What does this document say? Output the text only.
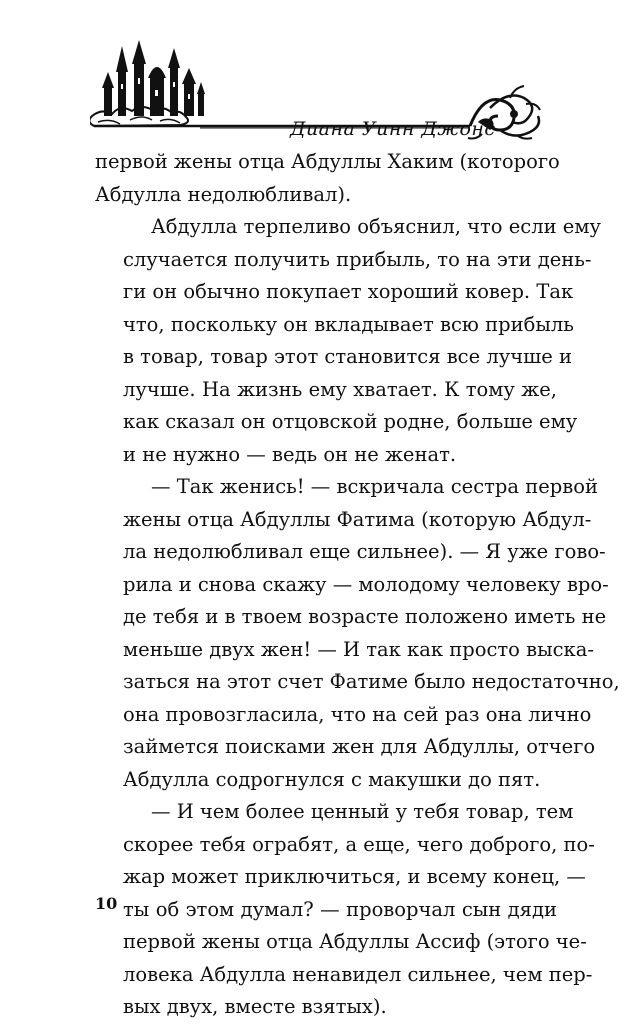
Диана Уинн Джонс

первой жены отца Абдуллы Хаким (которого
Абдулла недолюбливал).

Абдулла терпеливо объяснил, что если ему
случается получить прибыль, то на эти день-
ги он обычно покупает хороший ковер. Так
что, поскольку он вкладывает всю прибыль
в товар, товар этот становится все лучше и
лучше. На жизнь ему хватает. К тому же,
как сказал он отцовской родне, больше ему
и не нужно — ведь он не женат.

— Так женись! — вскричала сестра первой
жены отца Абдуллы Фатима (которую Абдул-
ла недолюбливал еще сильнее). — Я уже гово-
рила и снова скажу — молодому человеку вро-
де тебя и в твоем возрасте положено иметь не
меньше двух жен! — И так как просто выска-
заться на этот счет Фатиме было недостаточно,
она провозгласила, что на сей раз она лично
займется поисками жен для Абдуллы, отчего
Абдулла содрогнулся с макушки до пят.

— И чем более ценный у тебя товар, тем
скорее тебя ограбят, а еще, чего доброго, по-
жар может приключиться, и всему конец, —
ты об этом думал? — проворчал сын дяди
первой жены отца Абдуллы Ассиф (этого че-
ловека Абдулла ненавидел сильнее, чем пер-
вых двух, вместе взятых).

10
